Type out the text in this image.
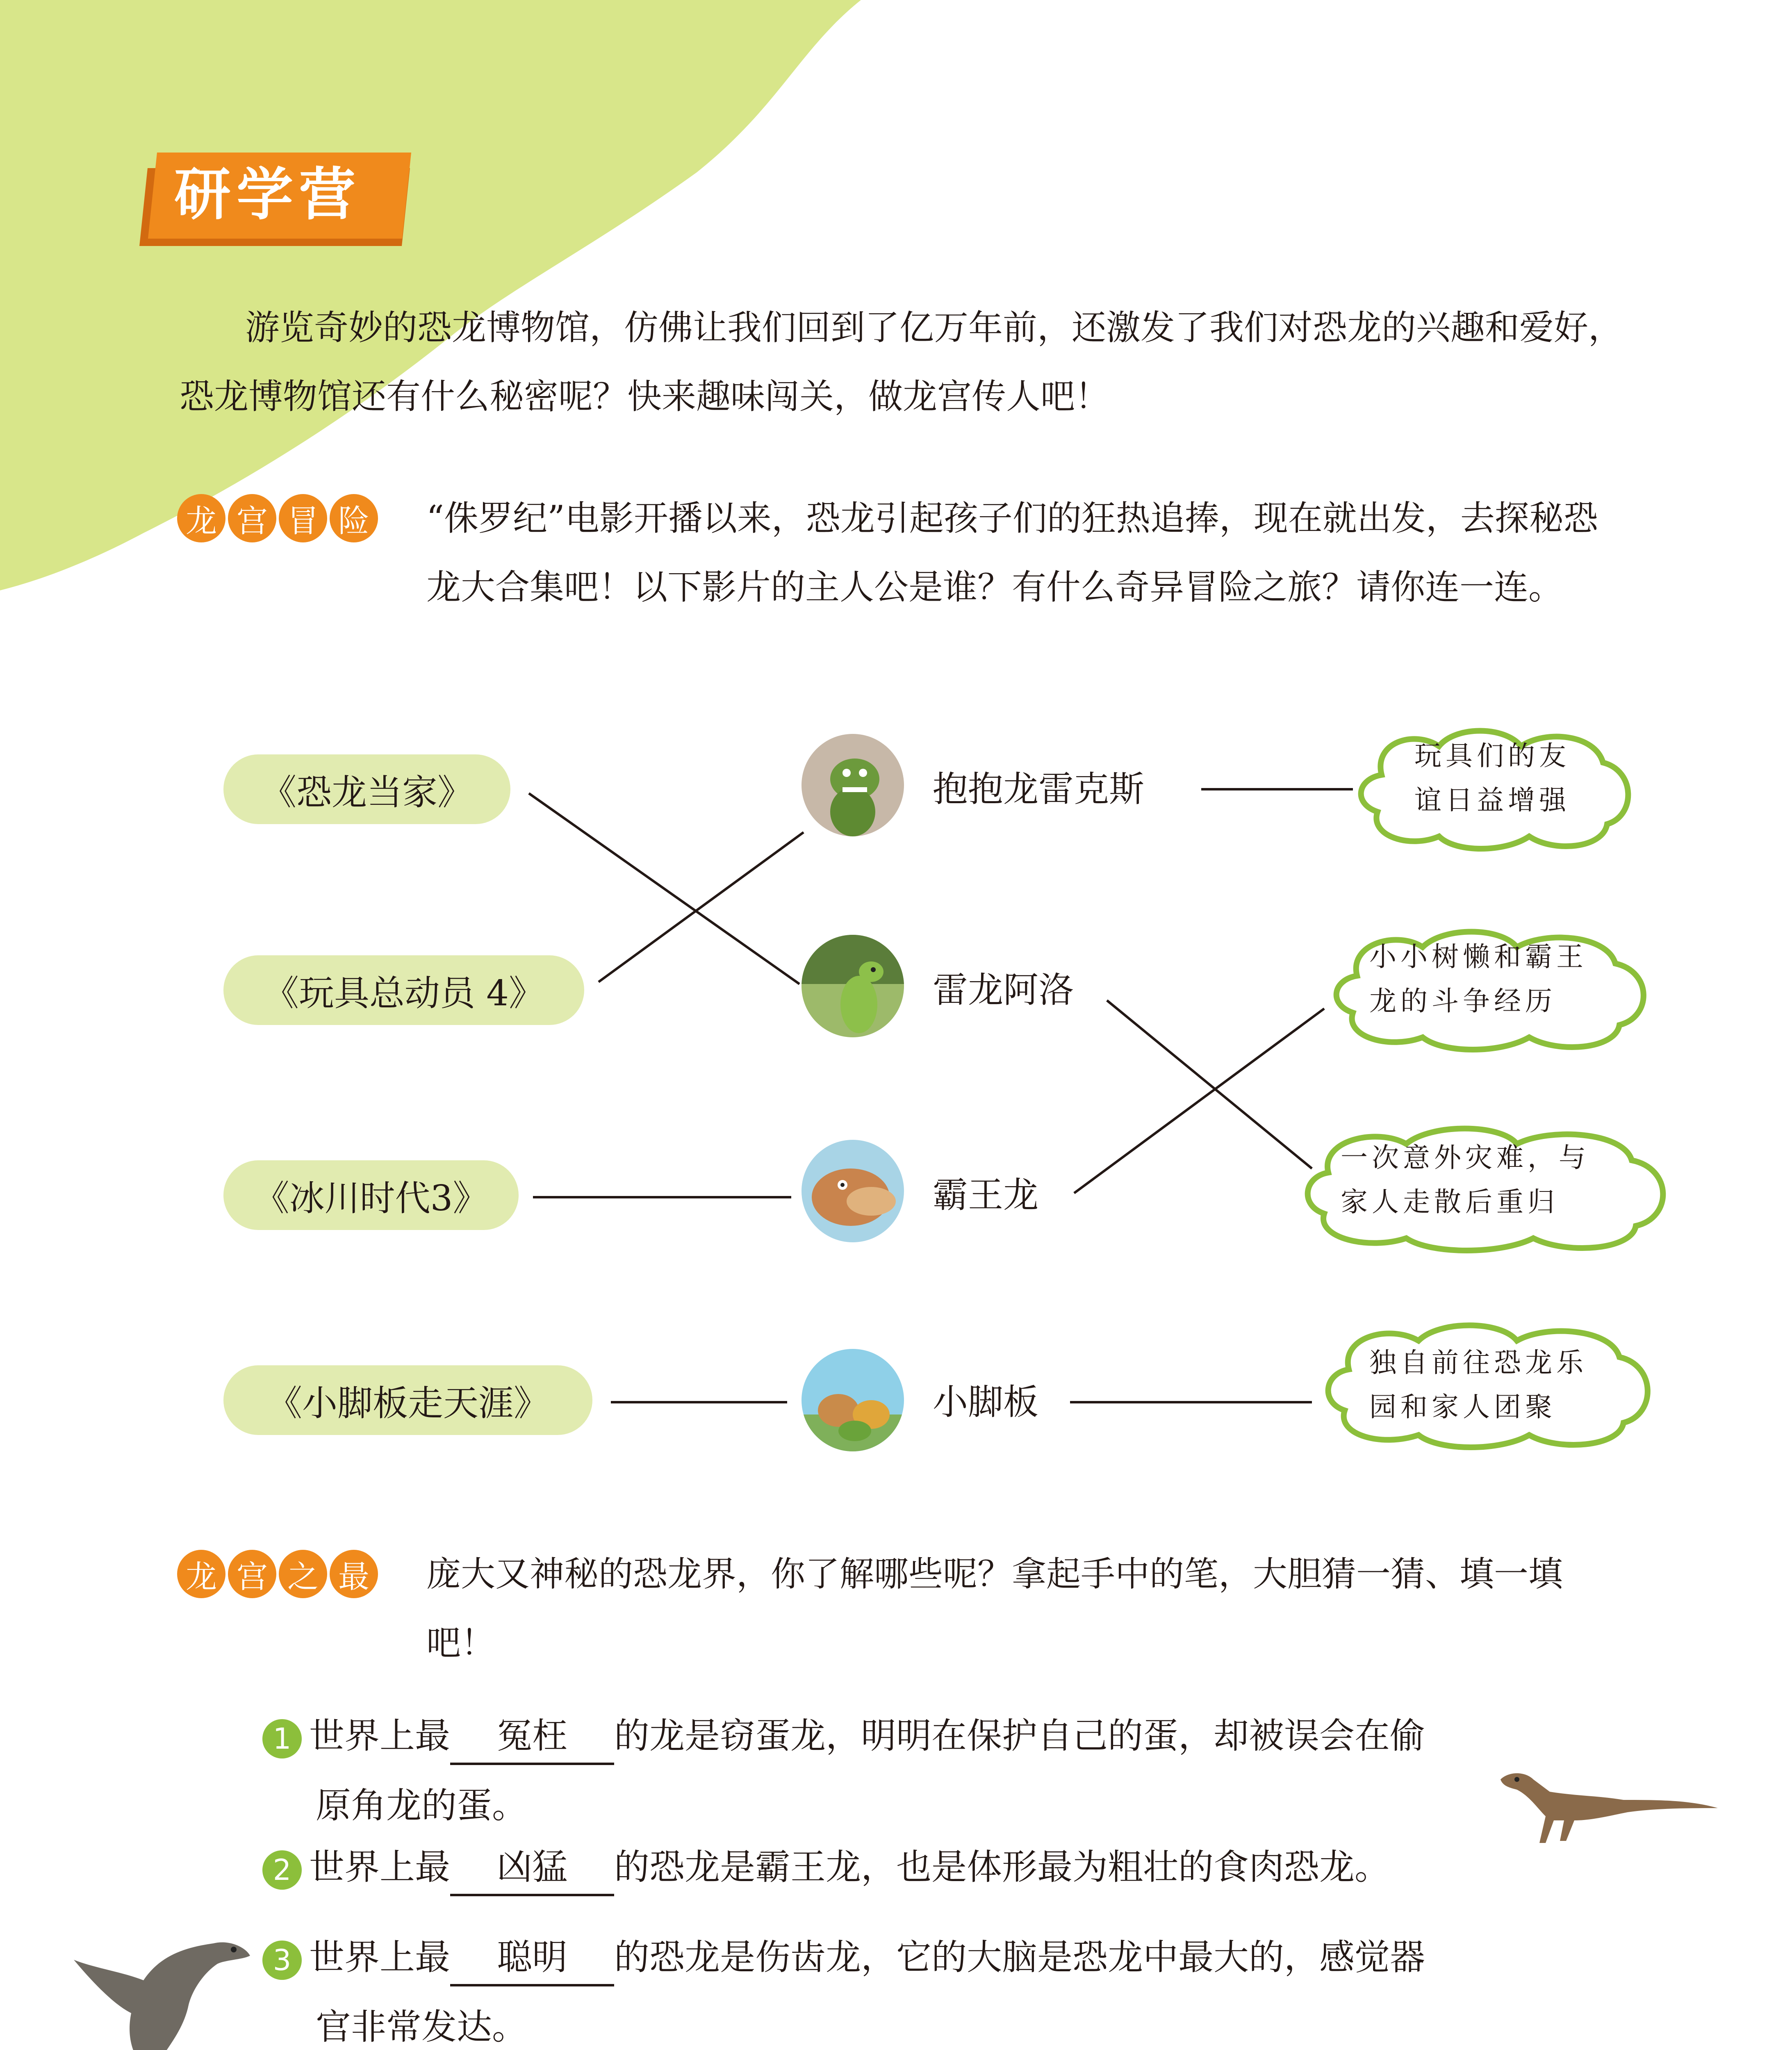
研学营
游览奇妙的恐龙博物馆，仿佛让我们回到了亿万年前，还激发了我们对恐龙的兴趣和爱好，恐龙博物馆还有什么秘密呢？快来趣味闯关，做龙宫传人吧！
龙 宫 冒 险 “侏罗纪”电影开播以来，恐龙引起孩子们的狂热追捧，现在就出发，去探秘恐龙大合集吧！以下影片的主人公是谁？有什么奇异冒险之旅？请你连一连。
《恐龙当家》
《玩具总动员 4》
《冰川时代3》
《小脚板走天涯》
抱抱龙雷克斯
雷龙阿洛
霸王龙
小脚板
玩具们的友
谊日益增强
小小树懒和霸王
龙的斗争经历
一次意外灾难，与
家人走散后重归
独自前往恐龙乐
园和家人团聚
龙 宫 之 最 庞大又神秘的恐龙界，你了解哪些呢？拿起手中的笔，大胆猜一猜、填一填吧！
1 世界上最 冤枉 的龙是窃蛋龙，明明在保护自己的蛋，却被误会在偷
原角龙的蛋。
2 世界上最 凶猛 的恐龙是霸王龙，也是体形最为粗壮的食肉恐龙。
3 世界上最 聪明 的恐龙是伤齿龙，它的大脑是恐龙中最大的，感觉器
官非常发达。
